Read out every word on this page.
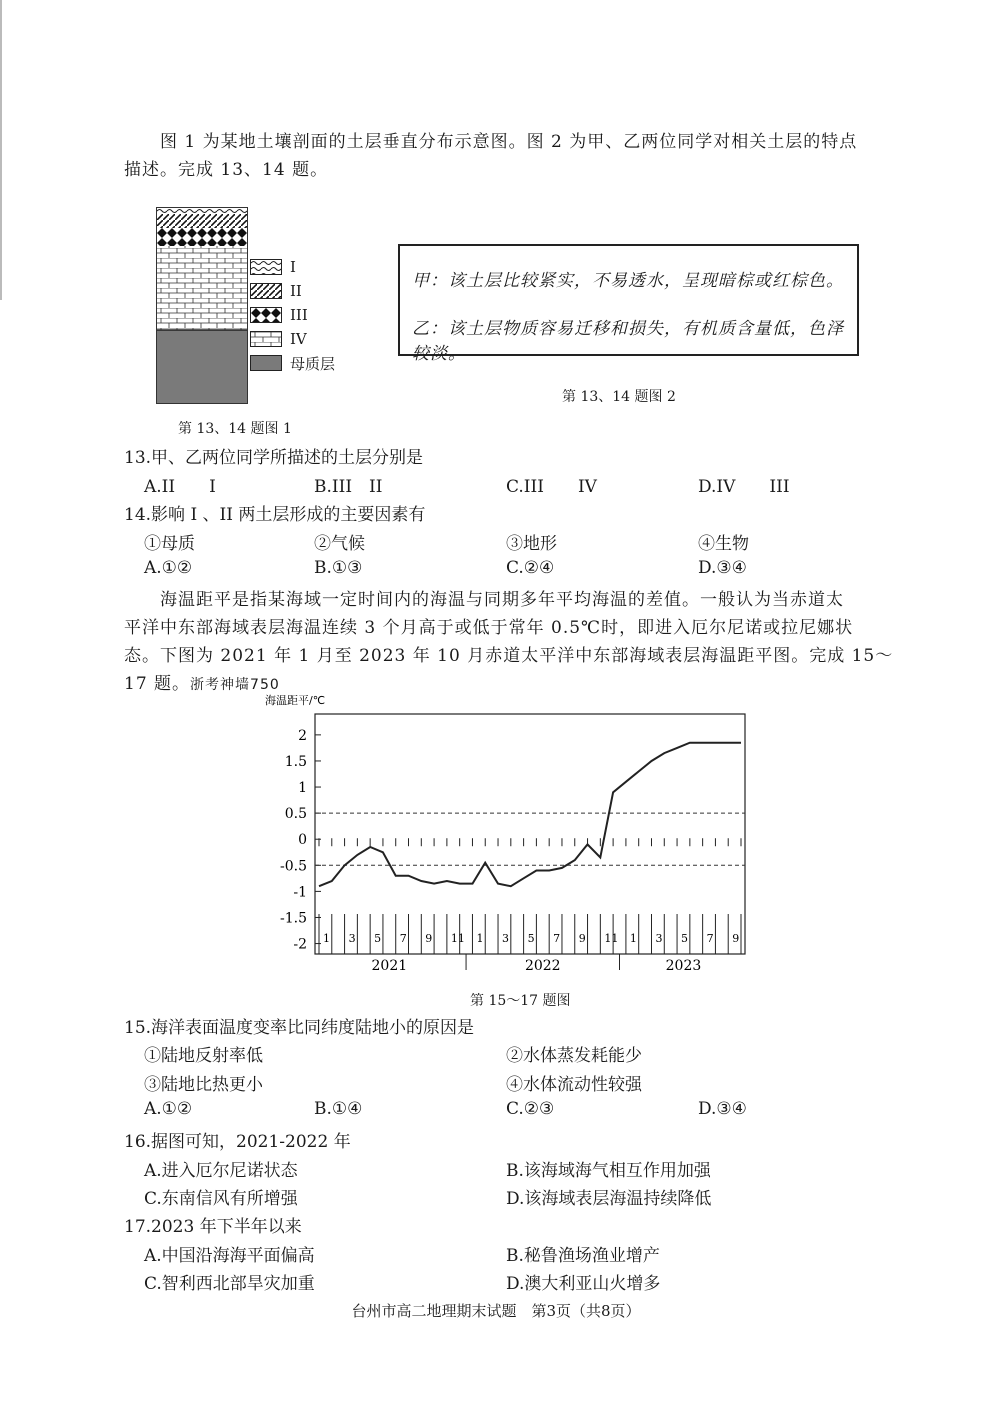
图 1 为某地土壤剖面的土层垂直分布示意图。图 2 为甲、乙两位同学对相关土层的特点
描述。完成 13、14 题。
I
II
III
IV
母质层
第 13、14 题图 1
甲：该土层比较紧实，不易透水，呈现暗棕或红棕色。
乙：该土层物质容易迁移和损失，有机质含量低，色泽较淡。
第 13、14 题图 2
13.甲、乙两位同学所描述的土层分别是
A.II　　I	B.III　II	C.III　　IV	D.IV　　III
14.影响 I 、II 两土层形成的主要因素有
①母质	②气候	③地形	④生物
A.①②	B.①③	C.②④	D.③④
海温距平是指某海域一定时间内的海温与同期多年平均海温的差值。一般认为当赤道太
平洋中东部海域表层海温连续 3 个月高于或低于常年 0.5℃时，即进入厄尔尼诺或拉尼娜状
态。下图为 2021 年 1 月至 2023 年 10 月赤道太平洋中东部海域表层海温距平图。完成 15～
17 题。浙考神墙750
海温距平/℃
2
1.5
1
0.5
0
-0.5
-1
-1.5
-2 1 3 5 7 9 11 1 3 5 7 9 11 1 3 5 7 9
2021	2022	2023
第 15～17 题图
15.海洋表面温度变率比同纬度陆地小的原因是
①陆地反射率低	②水体蒸发耗能少
③陆地比热更小	④水体流动性较强
A.①②	B.①④	C.②③	D.③④
16.据图可知，2021-2022 年
A.进入厄尔尼诺状态	B.该海域海气相互作用加强
C.东南信风有所增强	D.该海域表层海温持续降低
17.2023 年下半年以来
A.中国沿海海平面偏高	B.秘鲁渔场渔业增产
C.智利西北部旱灾加重	D.澳大利亚山火增多
台州市高二地理期末试题　第3页（共8页）
